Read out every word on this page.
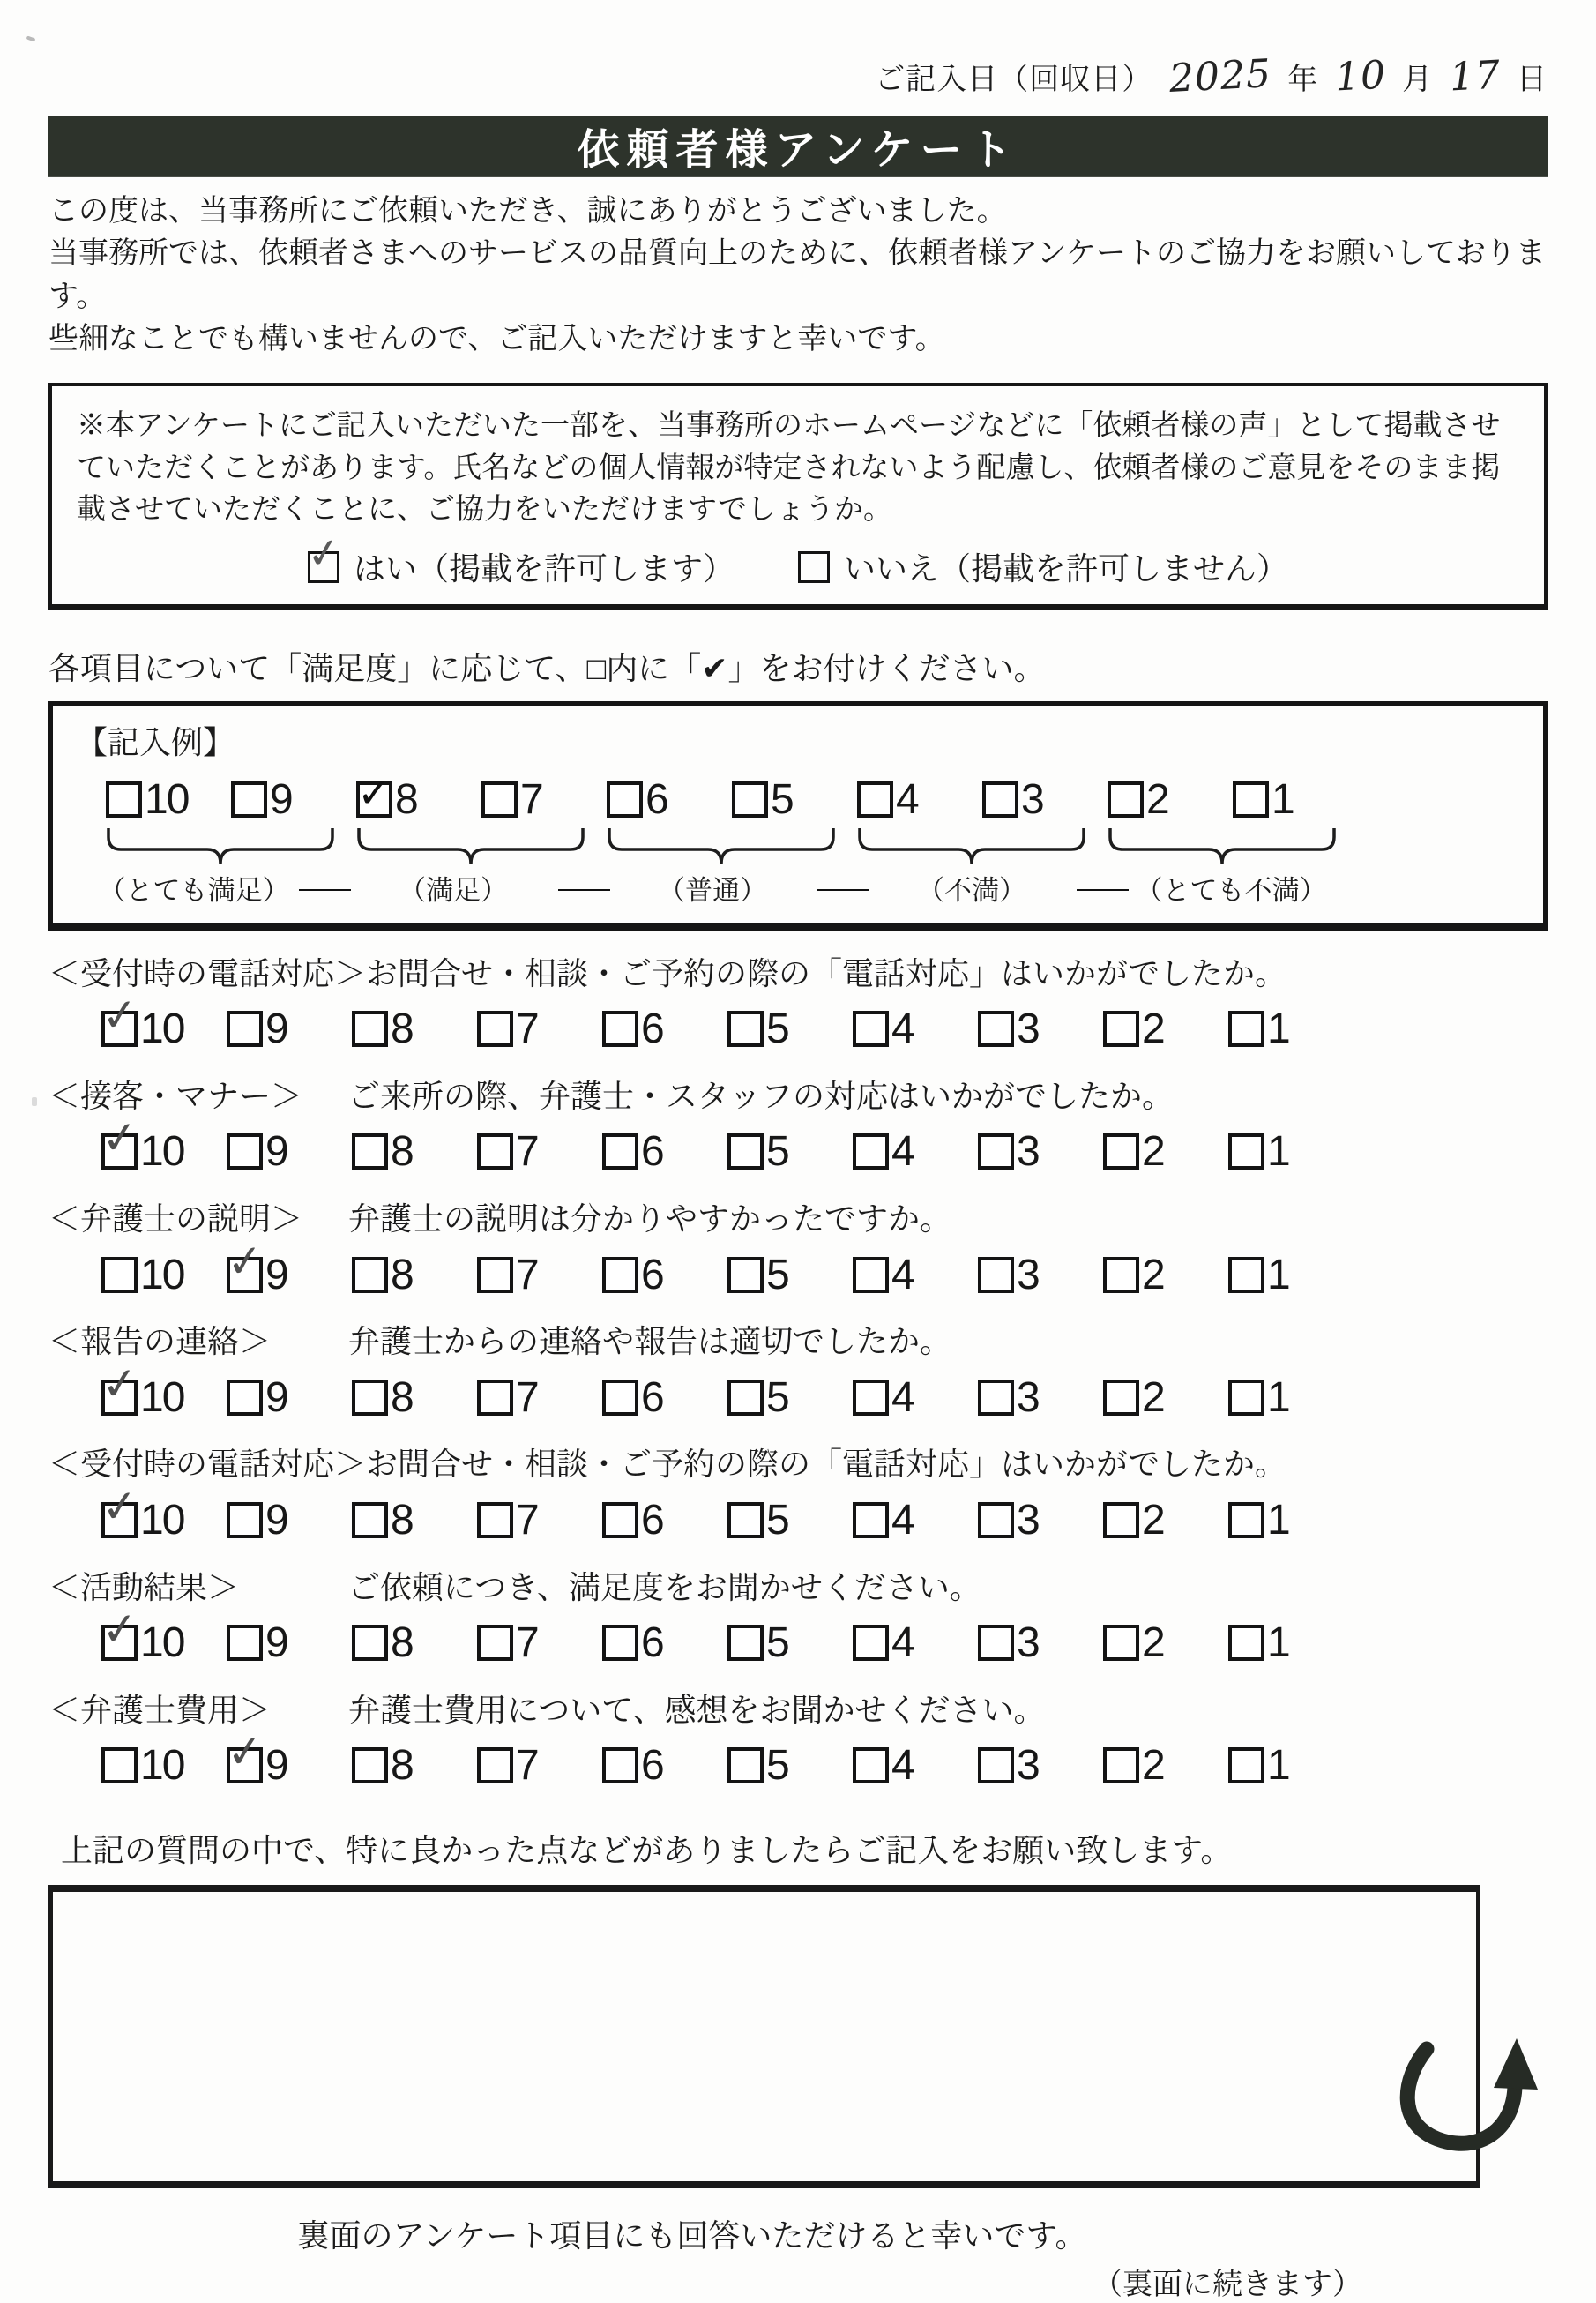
ご記入日（回収日） 2025 年 10 月 17 日
依頼者様アンケート
この度は、当事務所にご依頼いただき、誠にありがとうございました。
当事務所では、依頼者さまへのサービスの品質向上のために、依頼者様アンケートのご協力をお願いしております。
些細なことでも構いませんので、ご記入いただけますと幸いです。
※本アンケートにご記入いただいた一部を、当事務所のホームページなどに「依頼者様の声」として掲載させていただくことがあります。氏名などの個人情報が特定されないよう配慮し、依頼者様のご意見をそのまま掲載させていただくことに、ご協力をいただけますでしょうか。
✓ はい（掲載を許可します）	いいえ（掲載を許可しません）
各項目について「満足度」に応じて、□内に「✔」をお付けください。
【記入例】
10 9 ✓ 8 7 6 5 4 3 2 1
（とても満足） ――	（満足）	――	（普通）	――	（不満）	―― （とても不満）
＜受付時の電話対応＞ お問合せ・相談・ご予約の際の「電話対応」はいかがでしたか。
✓ 10 9 8 7 6 5 4 3 2 1
＜接客・マナー＞	ご来所の際、弁護士・スタッフの対応はいかがでしたか。
✓ 10 9 8 7 6 5 4 3 2 1
＜弁護士の説明＞	弁護士の説明は分かりやすかったですか。
10 ✓ 9 8 7 6 5 4 3 2 1
＜報告の連絡＞	弁護士からの連絡や報告は適切でしたか。
✓ 10 9 8 7 6 5 4 3 2 1
＜受付時の電話対応＞ お問合せ・相談・ご予約の際の「電話対応」はいかがでしたか。
✓ 10 9 8 7 6 5 4 3 2 1
＜活動結果＞	ご依頼につき、満足度をお聞かせください。
✓ 10 9 8 7 6 5 4 3 2 1
＜弁護士費用＞	弁護士費用について、感想をお聞かせください。
10 ✓ 9 8 7 6 5 4 3 2 1
上記の質問の中で、特に良かった点などがありましたらご記入をお願い致します。
裏面のアンケート項目にも回答いただけると幸いです。
（裏面に続きます）
